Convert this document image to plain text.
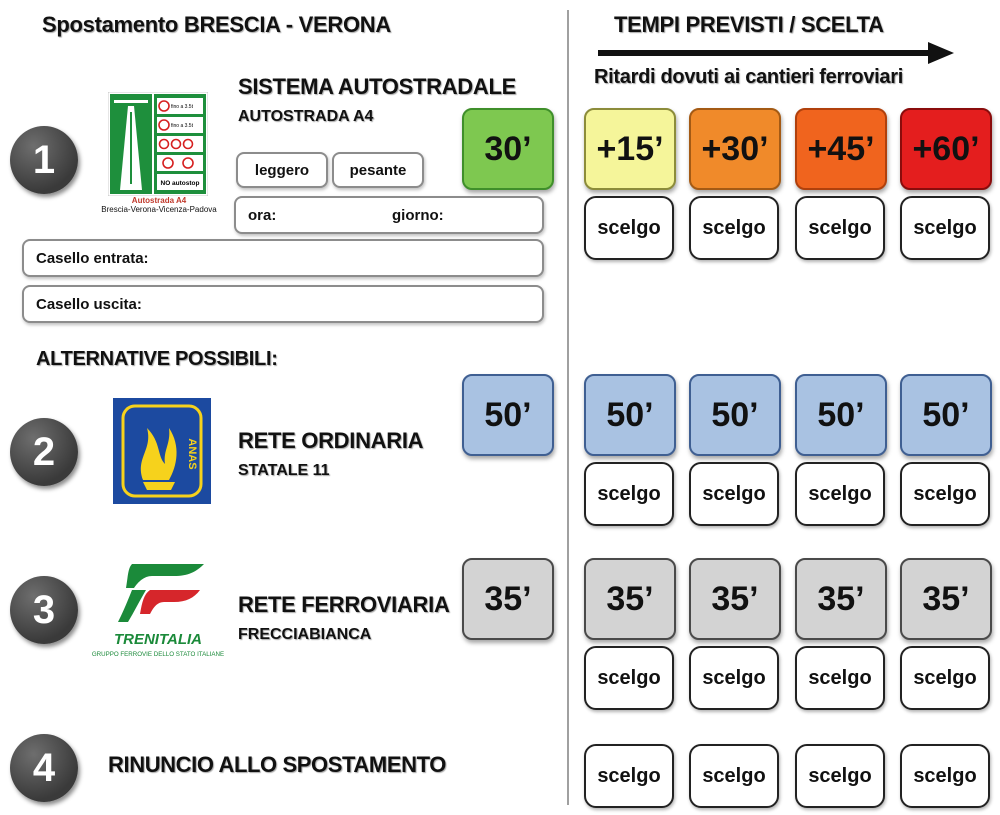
Spostamento BRESCIA - VERONA	TEMPI PREVISTI / SCELTA
Ritardi dovuti ai cantieri ferroviari
1
fino a 3.5t
fino a 3.5t
NO autostop
Autostrada A4
Brescia-Verona-Vicenza-Padova
SISTEMA AUTOSTRADALE
AUTOSTRADA A4
leggero	pesante
ora:	giorno:
30’
Casello entrata:
Casello uscita:
+15’	+30’	+45’	+60’
scelgo	scelgo	scelgo	scelgo
ALTERNATIVE POSSIBILI:
2	ANAS RETE ORDINARIA
STATALE 11
50’	50’	50’	50’	50’
scelgo	scelgo	scelgo	scelgo
3
TRENITALIA
GRUPPO FERROVIE DELLO STATO ITALIANE
RETE FERROVIARIA
FRECCIABIANCA
35’	35’	35’	35’	35’
scelgo	scelgo	scelgo	scelgo
4	RINUNCIO ALLO SPOSTAMENTO	scelgo	scelgo	scelgo	scelgo
